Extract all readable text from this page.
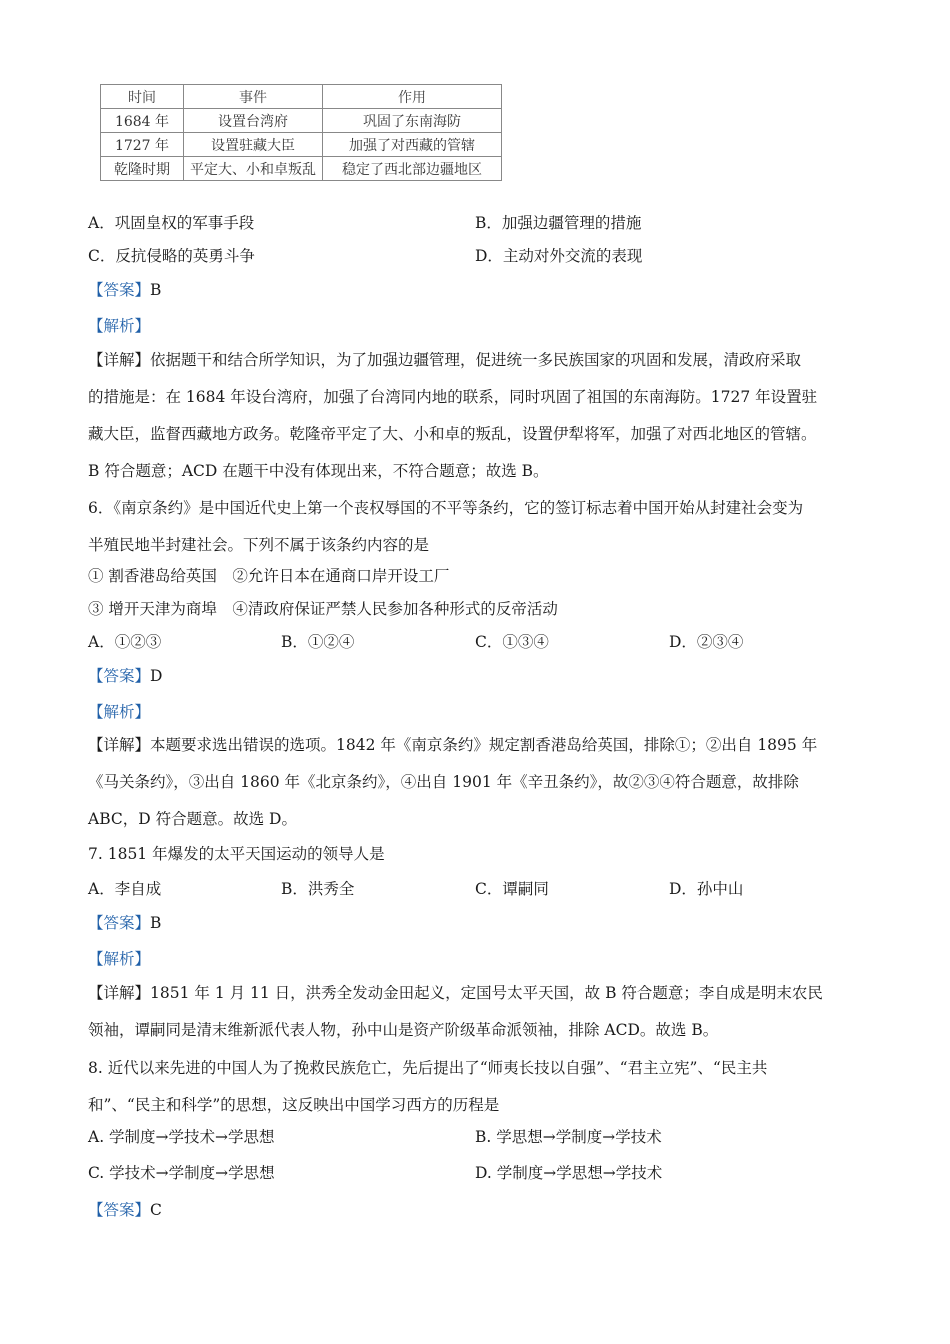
时间	事件	作用
1684 年	设置台湾府	巩固了东南海防
1727 年	设置驻藏大臣	加强了对西藏的管辖
乾隆时期	平定大、小和卓叛乱	稳定了西北部边疆地区
A．巩固皇权的军事手段	B．加强边疆管理的措施
C．反抗侵略的英勇斗争	D．主动对外交流的表现
【答案】B
【解析】
【详解】依据题干和结合所学知识，为了加强边疆管理，促进统一多民族国家的巩固和发展，清政府采取
的措施是：在 1684 年设台湾府，加强了台湾同内地的联系，同时巩固了祖国的东南海防。1727 年设置驻
藏大臣，监督西藏地方政务。乾隆帝平定了大、小和卓的叛乱，设置伊犁将军，加强了对西北地区的管辖。
B 符合题意；ACD 在题干中没有体现出来，不符合题意；故选 B。
6．《南京条约》是中国近代史上第一个丧权辱国的不平等条约，它的签订标志着中国开始从封建社会变为
半殖民地半封建社会。下列不属于该条约内容的是
① 割香港岛给英国　②允许日本在通商口岸开设工厂
③ 增开天津为商埠　④清政府保证严禁人民参加各种形式的反帝活动
A．①②③	B．①②④	C．①③④	D．②③④
【答案】D
【解析】
【详解】本题要求选出错误的选项。1842 年《南京条约》规定割香港岛给英国，排除①；②出自 1895 年
《马关条约》，③出自 1860 年《北京条约》，④出自 1901 年《辛丑条约》，故②③④符合题意，故排除
ABC，D 符合题意。故选 D。
7. 1851 年爆发的太平天国运动的领导人是
A．李自成	B．洪秀全	C．谭嗣同	D．孙中山
【答案】B
【解析】
【详解】1851 年 1 月 11 日，洪秀全发动金田起义，定国号太平天国，故 B 符合题意；李自成是明末农民
领袖，谭嗣同是清末维新派代表人物，孙中山是资产阶级革命派领袖，排除 ACD。故选 B。
8. 近代以来先进的中国人为了挽救民族危亡，先后提出了“师夷长技以自强”、“君主立宪”、“民主共
和”、“民主和科学”的思想，这反映出中国学习西方的历程是
A. 学制度→学技术→学思想	B. 学思想→学制度→学技术
C. 学技术→学制度→学思想	D. 学制度→学思想→学技术
【答案】C
